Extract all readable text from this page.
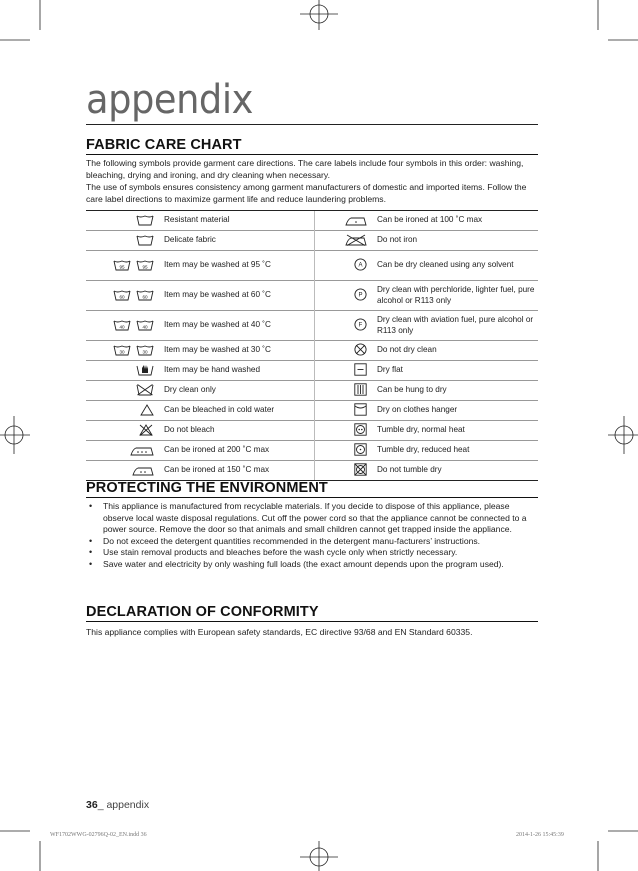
appendix
FABRIC CARE CHART
The following symbols provide garment care directions. The care labels include four symbols in this order: washing, bleaching, drying and ironing, and dry cleaning when necessary.
The use of symbols ensures consistency among garment manufacturers of domestic and imported items. Follow the care label directions to maximize garment life and reduce laundering problems.
	Resistant material		Can be ironed at 100 ˚C max
	Delicate fabric		Do not iron

95 95	Item may be washed at 95 ˚C	A	Can be dry cleaned using any solvent

60 60	Item may be washed at 60 ˚C	P	Dry clean with perchloride, lighter fuel, pure alcohol or R113 only

40 40	Item may be washed at 40 ˚C	F	Dry clean with aviation fuel, pure alcohol or R113 only

30 30	Item may be washed at 30 ˚C		Do not dry clean
	Item may be hand washed		Dry flat
	Dry clean only		Can be hung to dry
	Can be bleached in cold water		Dry on clothes hanger
	Do not bleach		Tumble dry, normal heat
	Can be ironed at 200 ˚C max		Tumble dry, reduced heat
	Can be ironed at 150 ˚C max		Do not tumble dry
PROTECTING THE ENVIRONMENT
• This appliance is manufactured from recyclable materials. If you decide to dispose of this appliance, please observe local waste disposal regulations. Cut off the power cord so that the appliance cannot be connected to a power source. Remove the door so that animals and small children cannot get trapped inside the appliance.
• Do not exceed the detergent quantities recommended in the detergent manu-facturers’ instructions.
• Use stain removal products and bleaches before the wash cycle only when strictly necessary.
• Save water and electricity by only washing full loads (the exact amount depends upon the program used).
DECLARATION OF CONFORMITY
This appliance complies with European safety standards, EC directive 93/68 and EN Standard 60335.
36_ appendix
WF1702WWG-02796Q-02_EN.indd 36	2014-1-26 15:45:39
